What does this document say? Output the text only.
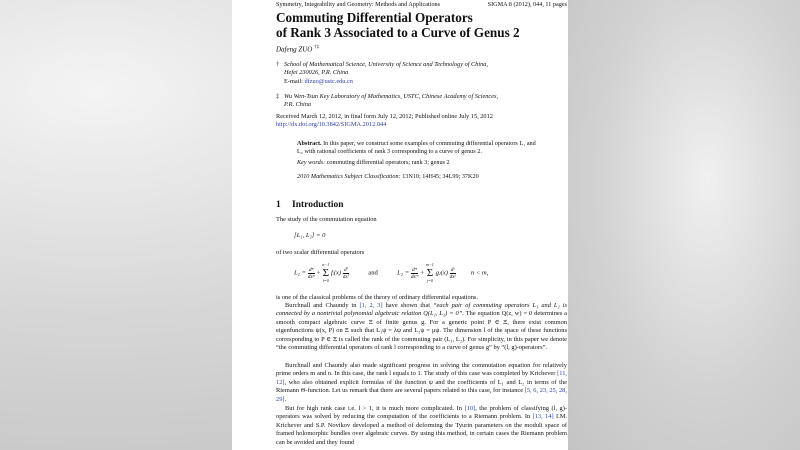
Symmetry, Integrability and Geometry: Methods and Applications	SIGMA 8 (2012), 044, 11 pages
Commuting Differential Operators
of Rank 3 Associated to a Curve of Genus 2
Dafeng ZUO †‡
† School of Mathematical Science, University of Science and Technology of China,
Hefei 230026, P.R. China
E-mail: dfzuo@ustc.edu.cn
‡ Wu Wen-Tsun Key Laboratory of Mathematics, USTC, Chinese Academy of Sciences,
P.R. China
Received March 12, 2012, in final form July 12, 2012; Published online July 15, 2012
http://dx.doi.org/10.3842/SIGMA.2012.044
Abstract. In this paper, we construct some examples of commuting differential operators L₁ and L₂ with rational coefficients of rank 3 corresponding to a curve of genus 2.
Key words: commuting differential operators; rank 3; genus 2
2010 Mathematics Subject Classification: 13N10; 14H45; 34L99; 37K20
1 Introduction
The study of the commutation equation
[L₁, L₂] = 0
of two scalar differential operators
$L_1 = \frac{\text{dⁿ}}{\text{dxⁿ}} + n-1$
Σ
i=0 fᵢ(x) $\frac{\text{dⁱ}}{\text{dxⁱ}}$	and	$L_2 = \frac{\text{dᵐ}}{\text{dxᵐ}} + m-1$
Σ
j=0 gⱼ(x) $\frac{\text{dʲ}}{\text{dxʲ}}$ n < m,
is one of the classical problems of the theory of ordinary differential equations.
Burchnall and Chaundy in [1, 2, 3] have shown that “each pair of commuting operators L₁ and L₂ is connected by a nontrivial polynomial algebraic relation Q(L₁, L₂) = 0”. The equation Q(z, w) = 0 determines a smooth compact algebraic curve Ξ of finite genus g. For a generic point P ∈ Ξ, there exist common eigenfunctions ψ(x, P) on Ξ such that L₁ψ = λψ and L₂ψ = μψ. The dimension l of the space of these functions corresponding to P ∈ Ξ is called the rank of the commuting pair (L₁, L₂). For simplicity, in this paper we denote “the commuting differential operators of rank l corresponding to a curve of genus g” by “(l, g)-operators”.
Burchnall and Chaundy also made significant progress in solving the commutation equation for relatively prime orders m and n. In this case, the rank l equals to 1. The study of this case was completed by Krichever [11, 12], who also obtained explicit formulas of the function ψ and the coefficients of L₁ and L₂ in terms of the Riemann Θ-function. Let us remark that there are several papers related to this case, for instance [5, 6, 23, 25, 28, 29].
But for high rank case i.e. l > 1, it is much more complicated. In [10], the problem of classifying (l, g)-operators was solved by reducing the computation of the coefficients to a Riemann problem. In [13, 14] I.M. Krichever and S.P. Novikov developed a method of deforming the Tyurin parameters on the moduli space of framed holomorphic bundles over algebraic curves. By using this method, in certain cases the Riemann problem can be avoided and they found
